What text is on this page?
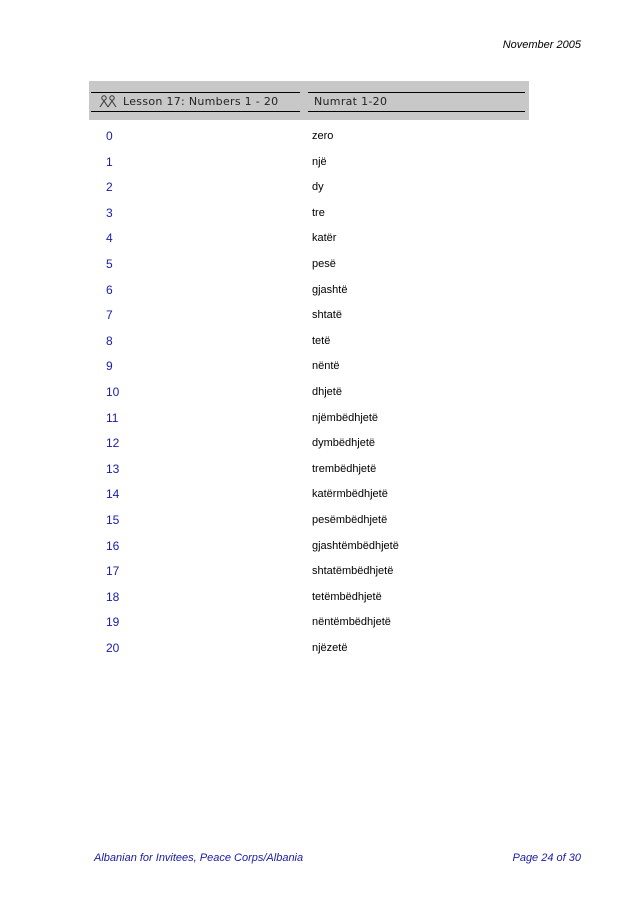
November 2005
Lesson 17: Numbers 1 - 20	Numrat 1-20
0	zero
1	një
2	dy
3	tre
4	katër
5	pesë
6	gjashtë
7	shtatë
8	tetë
9	nëntë
10	dhjetë
11	njëmbëdhjetë
12	dymbëdhjetë
13	trembëdhjetë
14	katërmbëdhjetë
15	pesëmbëdhjetë
16	gjashtëmbëdhjetë
17	shtatëmbëdhjetë
18	tetëmbëdhjetë
19	nëntëmbëdhjetë
20	njëzetë
Albanian for Invitees, Peace Corps/Albania	Page 24 of 30
